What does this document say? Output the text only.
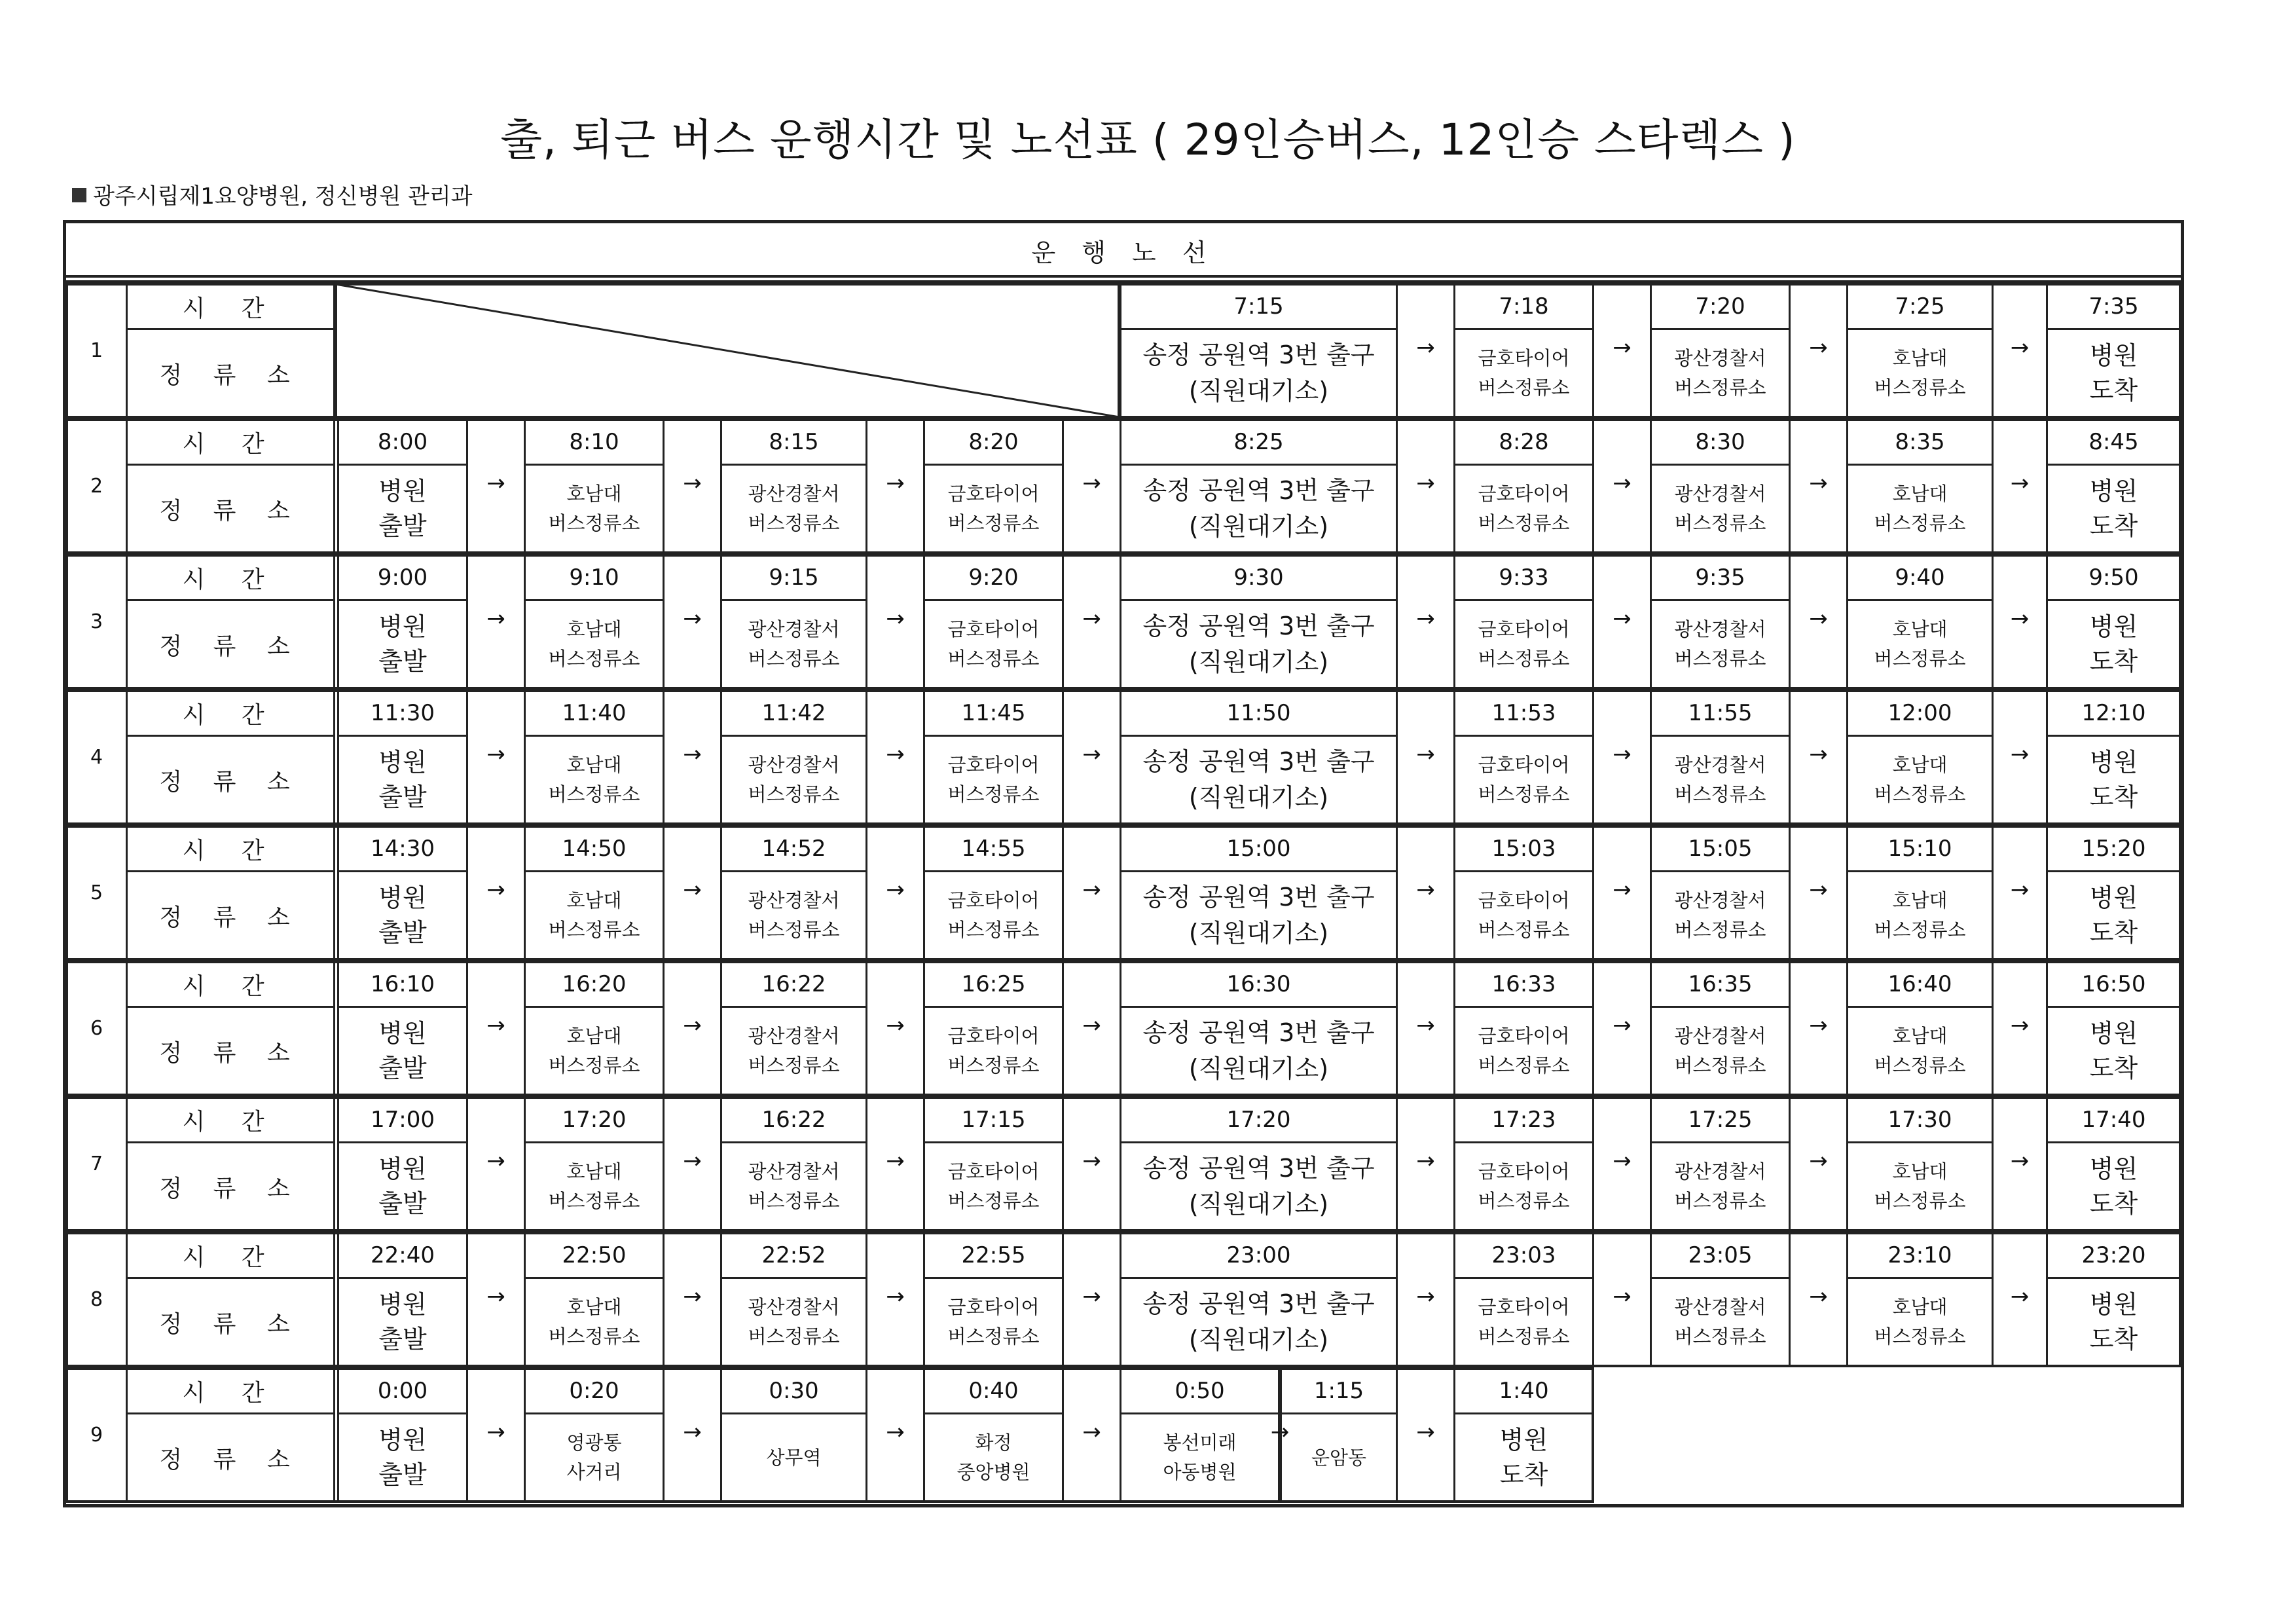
출, 퇴근 버스 운행시간 및 노선표 ( 29인승버스, 12인승 스타렉스 )
광주시립제1요양병원, 정신병원 관리과
운 행 노 선
1
시 간
정 류 소
7:15
송정 공원역 3번 출구
(직원대기소)
→
7:18
금호타이어
버스정류소
→
7:20
광산경찰서
버스정류소
→
7:25
호남대
버스정류소
→
7:35
병원
도착
2
시 간
정 류 소
8:00
병원
출발
→
8:10
호남대
버스정류소
→
8:15
광산경찰서
버스정류소
→
8:20
금호타이어
버스정류소
→
8:25
송정 공원역 3번 출구
(직원대기소)
→
8:28
금호타이어
버스정류소
→
8:30
광산경찰서
버스정류소
→
8:35
호남대
버스정류소
→
8:45
병원
도착
3
시 간
정 류 소
9:00
병원
출발
→
9:10
호남대
버스정류소
→
9:15
광산경찰서
버스정류소
→
9:20
금호타이어
버스정류소
→
9:30
송정 공원역 3번 출구
(직원대기소)
→
9:33
금호타이어
버스정류소
→
9:35
광산경찰서
버스정류소
→
9:40
호남대
버스정류소
→
9:50
병원
도착
4
시 간
정 류 소
11:30
병원
출발
→
11:40
호남대
버스정류소
→
11:42
광산경찰서
버스정류소
→
11:45
금호타이어
버스정류소
→
11:50
송정 공원역 3번 출구
(직원대기소)
→
11:53
금호타이어
버스정류소
→
11:55
광산경찰서
버스정류소
→
12:00
호남대
버스정류소
→
12:10
병원
도착
5
시 간
정 류 소
14:30
병원
출발
→
14:50
호남대
버스정류소
→
14:52
광산경찰서
버스정류소
→
14:55
금호타이어
버스정류소
→
15:00
송정 공원역 3번 출구
(직원대기소)
→
15:03
금호타이어
버스정류소
→
15:05
광산경찰서
버스정류소
→
15:10
호남대
버스정류소
→
15:20
병원
도착
6
시 간
정 류 소
16:10
병원
출발
→
16:20
호남대
버스정류소
→
16:22
광산경찰서
버스정류소
→
16:25
금호타이어
버스정류소
→
16:30
송정 공원역 3번 출구
(직원대기소)
→
16:33
금호타이어
버스정류소
→
16:35
광산경찰서
버스정류소
→
16:40
호남대
버스정류소
→
16:50
병원
도착
7
시 간
정 류 소
17:00
병원
출발
→
17:20
호남대
버스정류소
→
16:22
광산경찰서
버스정류소
→
17:15
금호타이어
버스정류소
→
17:20
송정 공원역 3번 출구
(직원대기소)
→
17:23
금호타이어
버스정류소
→
17:25
광산경찰서
버스정류소
→
17:30
호남대
버스정류소
→
17:40
병원
도착
8
시 간
정 류 소
22:40
병원
출발
→
22:50
호남대
버스정류소
→
22:52
광산경찰서
버스정류소
→
22:55
금호타이어
버스정류소
→
23:00
송정 공원역 3번 출구
(직원대기소)
→
23:03
금호타이어
버스정류소
→
23:05
광산경찰서
버스정류소
→
23:10
호남대
버스정류소
→
23:20
병원
도착
9
시 간
정 류 소
0:00
병원
출발
→
0:20
영광통
사거리
→
0:30
상무역
→
0:40
화정
중앙병원
→
0:50
봉선미래
아동병원
→
1:15
운암동
→
1:40
병원
도착
